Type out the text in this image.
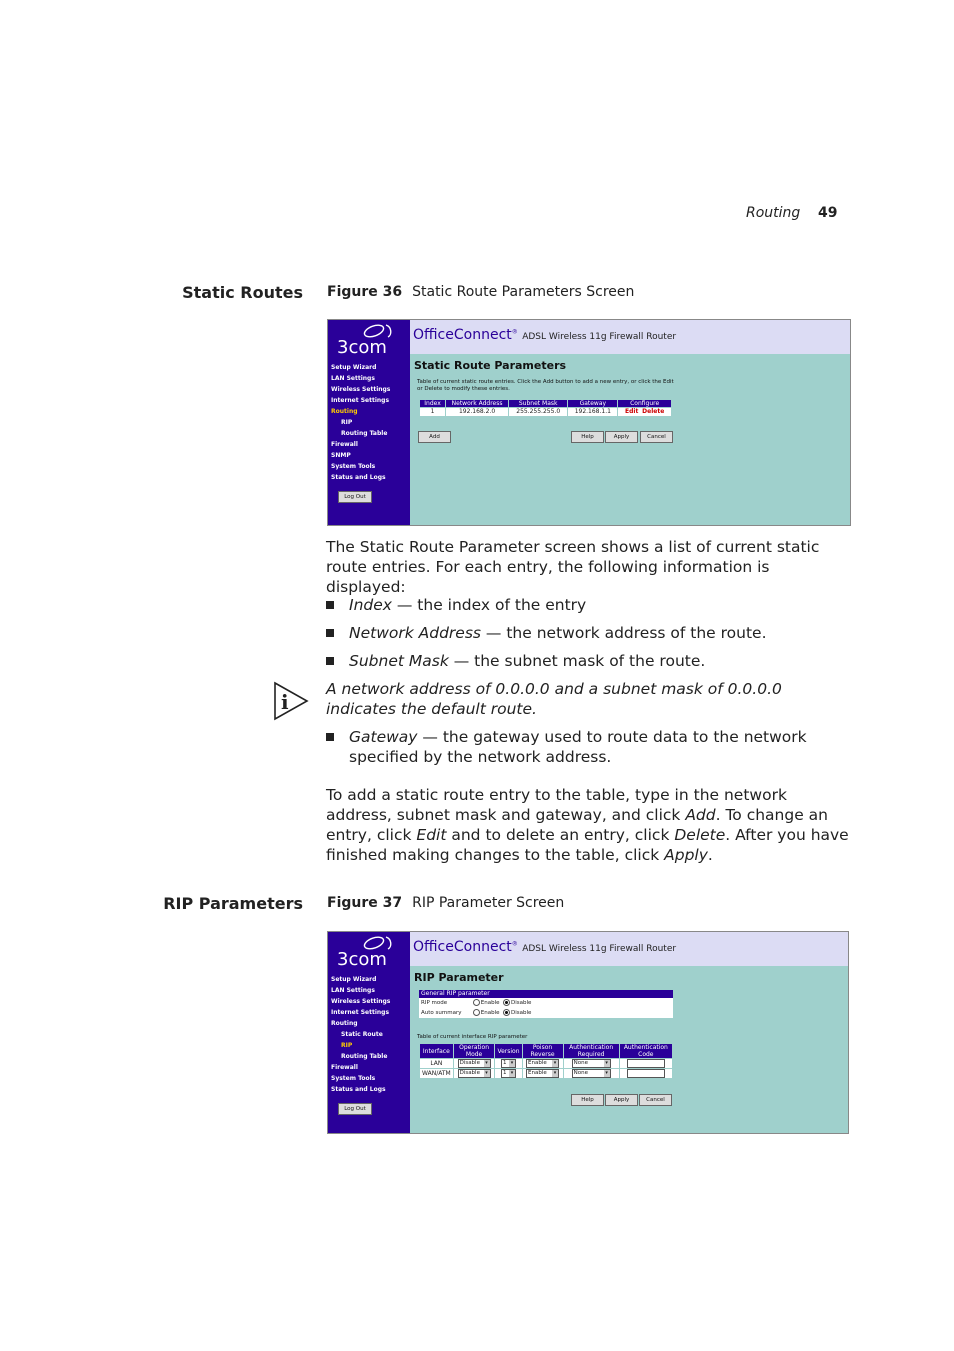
Routing 49
Static Routes Figure 36 Static Route Parameters Screen
3com
Setup Wizard
LAN Settings
Wireless Settings
Internet Settings
Routing
RIP
Routing Table
Firewall
SNMP
System Tools
Status and Logs
Log Out
OfficeConnect® ADSL Wireless 11g Firewall Router
Static Route Parameters
Table of current static route entries. Click the Add button to add a new entry, or click the Edit or Delete to modify these entries.
Index	Network Address	Subnet Mask	Gateway	Configure
1	192.168.2.0	255.255.255.0	192.168.1.1	Edit Delete
Add	Help	Apply	Cancel
The Static Route Parameter screen shows a list of current static route entries. For each entry, the following information is displayed:
Index — the index of the entry
Network Address — the network address of the route.
Subnet Mask — the subnet mask of the route.
i
A network address of 0.0.0.0 and a subnet mask of 0.0.0.0 indicates the default route.
Gateway — the gateway used to route data to the network specified by the network address.
To add a static route entry to the table, type in the network address, subnet mask and gateway, and click Add. To change an entry, click Edit and to delete an entry, click Delete. After you have finished making changes to the table, click Apply.
RIP Parameters Figure 37 RIP Parameter Screen
3com
Setup Wizard
LAN Settings
Wireless Settings
Internet Settings
Routing
Static Route
RIP
Routing Table
Firewall
System Tools
Status and Logs
Log Out
OfficeConnect® ADSL Wireless 11g Firewall Router
RIP Parameter
General RIP parameter
RIP mode	Enable Disable
Auto summary	Enable Disable
Table of current interface RIP parameter
Interface	Operation Mode	Version	Poison Reverse	Authentication Required	Authentication Code
LAN	Disable ▾	1 ▾	Enable ▾	None ▾	
WAN/ATM	Disable ▾	1 ▾	Enable ▾	None ▾	
Help	Apply	Cancel
